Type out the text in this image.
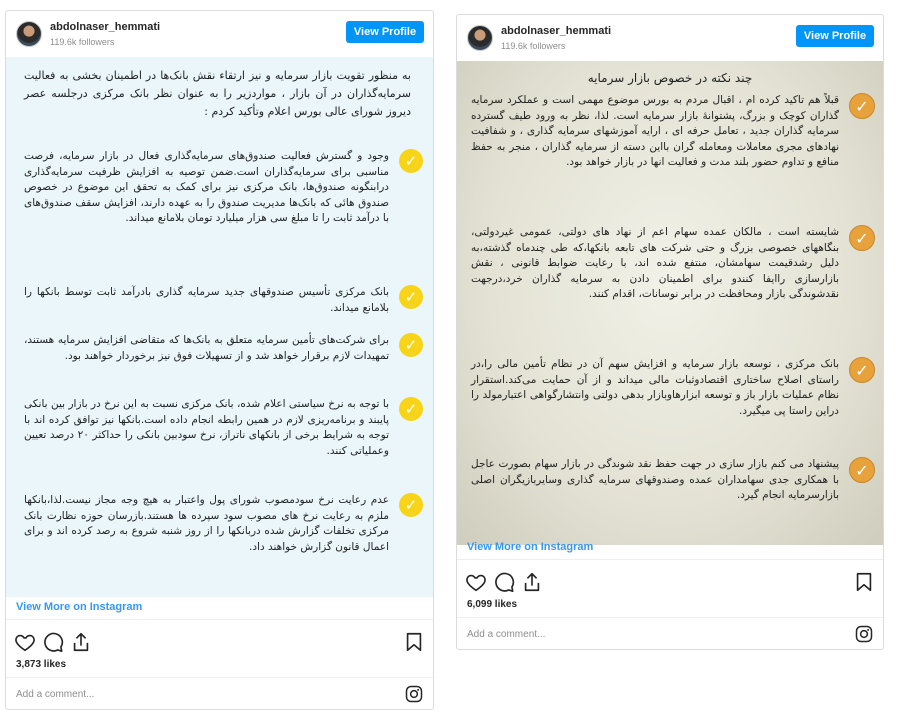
abdolnaser_hemmati
119.6k followers
View Profile
به منظور تقویت بازار سرمایه و نیز ارتقاء نقش بانک‌ها در اطمینان بخشی به فعالیت سرمایه‌گذاران در آن بازار ، مواردزیر را به عنوان نظر بانک مرکزی درجلسه عصر دیروز شورای عالی بورس اعلام وتأکید کردم :
✓
وجود و گسترش فعالیت صندوق‌های سرمایه‌گذاری فعال در بازار سرمایه، فرصت مناسبی برای سرمایه‌گذاران است.ضمن توصیه به افزایش ظرفیت سرمایه‌گذاری درابنگونه صندوق‌ها، بانک مرکزی نیز برای کمک به تحقق این موضوع در خصوص صندوق هائی که بانک‌ها مدیریت صندوق را به عهده دارند، افزایش سقف صندوق‌های با درآمد ثابت را تا مبلغ سی هزار میلیارد تومان بلامانع میداند.
✓
بانک مرکزی تأسیس صندوقهای جدید سرمایه گذاری بادرآمد ثابت توسط بانکها را بلامانع میداند.
✓
برای شرکت‌های تأمین سرمایه متعلق به بانک‌ها که متقاضی افزایش سرمایه هستند، تمهیدات لازم برقرار خواهد شد و از تسهیلات فوق نیز برخوردار خواهند بود.
✓
با توجه به نرخ سیاستی اعلام شده، بانک مرکزی نسبت به این نرخ در بازار بین بانکی پایبند و برنامه‌ریزی لازم در همین رابطه انجام داده است.بانکها نیز توافق کرده اند با توجه به شرایط برخی از بانکهای ناتراز، نرخ سودبین بانکی را حداکثر ۲۰ درصد تعیین وعملیاتی کنند.
✓
عدم رعایت نرخ سودمصوب شورای پول واعتبار به هیچ وجه مجاز نیست.لذا،بانکها ملزم به رعایت نرخ های مصوب سود سپرده ها هستند.بازرسان حوزه نظارت بانک مرکزی تخلفات گزارش شده دربانکها را از روز شنبه شروع به رصد کرده اند و برای اعمال قانون گزارش خواهند داد.
View More on Instagram
3,873 likes
Add a comment...
abdolnaser_hemmati
119.6k followers
View Profile
چند نکته در خصوص بازار سرمایه
✓
قبلاً هم تاکید کرده ام ، اقبال مردم به بورس موضوع مهمی است و عملکرد سرمایه گذاران کوچک و بزرگ، پشتوانهٔ بازار سرمایه است. لذا، نظر به ورود طیف گسترده سرمایه گذاران جدید ، تعامل حرفه ای ، ارایه آموزشهای سرمایه گذاری ، و شفافیت نهادهای مجری معاملات ومعامله گران بااین دسته از سرمایه گذاران ، منجر به حفظ منافع و تداوم حضور بلند مدت و فعالیت انها در بازار خواهد بود.
✓
شایسته است ، مالکان عمده سهام اعم از نهاد های دولتی، عمومی غیردولتی، بنگاههای خصوصی بزرگ و حتی شرکت های تابعه بانکها،که طی چندماه گذشته،به دلیل رشدقیمت سهامشان، منتفع شده اند، با رعایت ضوابط قانونی ، نقش بازارسازی راایفا کنندو برای اطمینان دادن به سرمایه گذاران خرد،درجهت نقدشوندگی بازار ومحافظت در برابر نوسانات، اقدام کنند.
✓
بانک مرکزی ، توسعه بازار سرمایه و افزایش سهم آن در نظام تأمین مالی را،در راستای اصلاح ساختاری اقتصادوثبات مالی میداند و از آن حمایت می‌کند.استقرار نظام عملیات بازار باز و توسعه ابزارهاوبازار بدهی دولتی وانتشارگواهی اعتبارمولد را دراین راستا پی میگیرد.
✓
پیشنهاد می کنم بازار سازی در جهت حفظ نقد شوندگی در بازار سهام بصورت عاجل با همکاری جدی سهامداران عمده وصندوقهای سرمایه گذاری وسایربازیگران اصلی بازارسرمایه انجام گیرد.
View More on Instagram
6,099 likes
Add a comment...
